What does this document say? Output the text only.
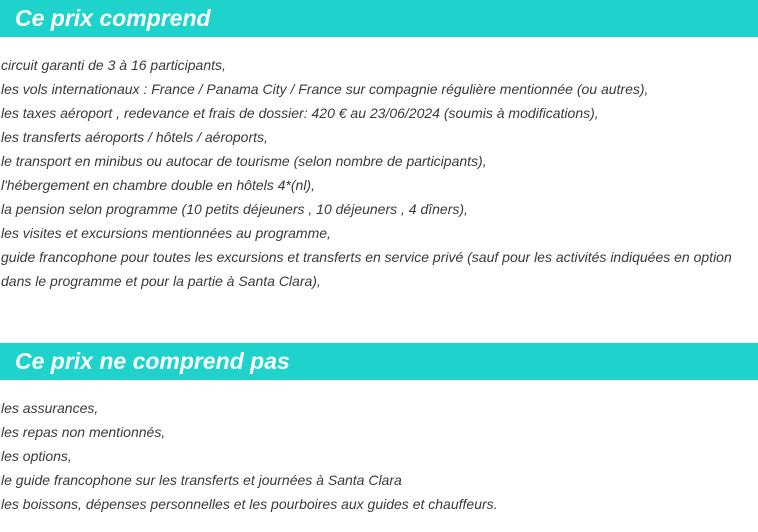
Ce prix comprend
circuit garanti de 3 à 16 participants,
les vols internationaux : France / Panama City / France sur compagnie régulière mentionnée (ou autres),
les taxes aéroport , redevance et frais de dossier: 420 € au 23/06/2024 (soumis à modifications),
les transferts aéroports / hôtels / aéroports,
le transport en minibus ou autocar de tourisme (selon nombre de participants),
l'hébergement en chambre double en hôtels 4*(nl),
la pension selon programme (10 petits déjeuners , 10 déjeuners , 4 dîners),
les visites et excursions mentionnées au programme,
guide francophone pour toutes les excursions et transferts en service privé (sauf pour les activités indiquées en option dans le programme et pour la partie à Santa Clara),
Ce prix ne comprend pas
les assurances,
les repas non mentionnés,
les options,
le guide francophone sur les transferts et journées à Santa Clara
les boissons, dépenses personnelles et les pourboires aux guides et chauffeurs.
